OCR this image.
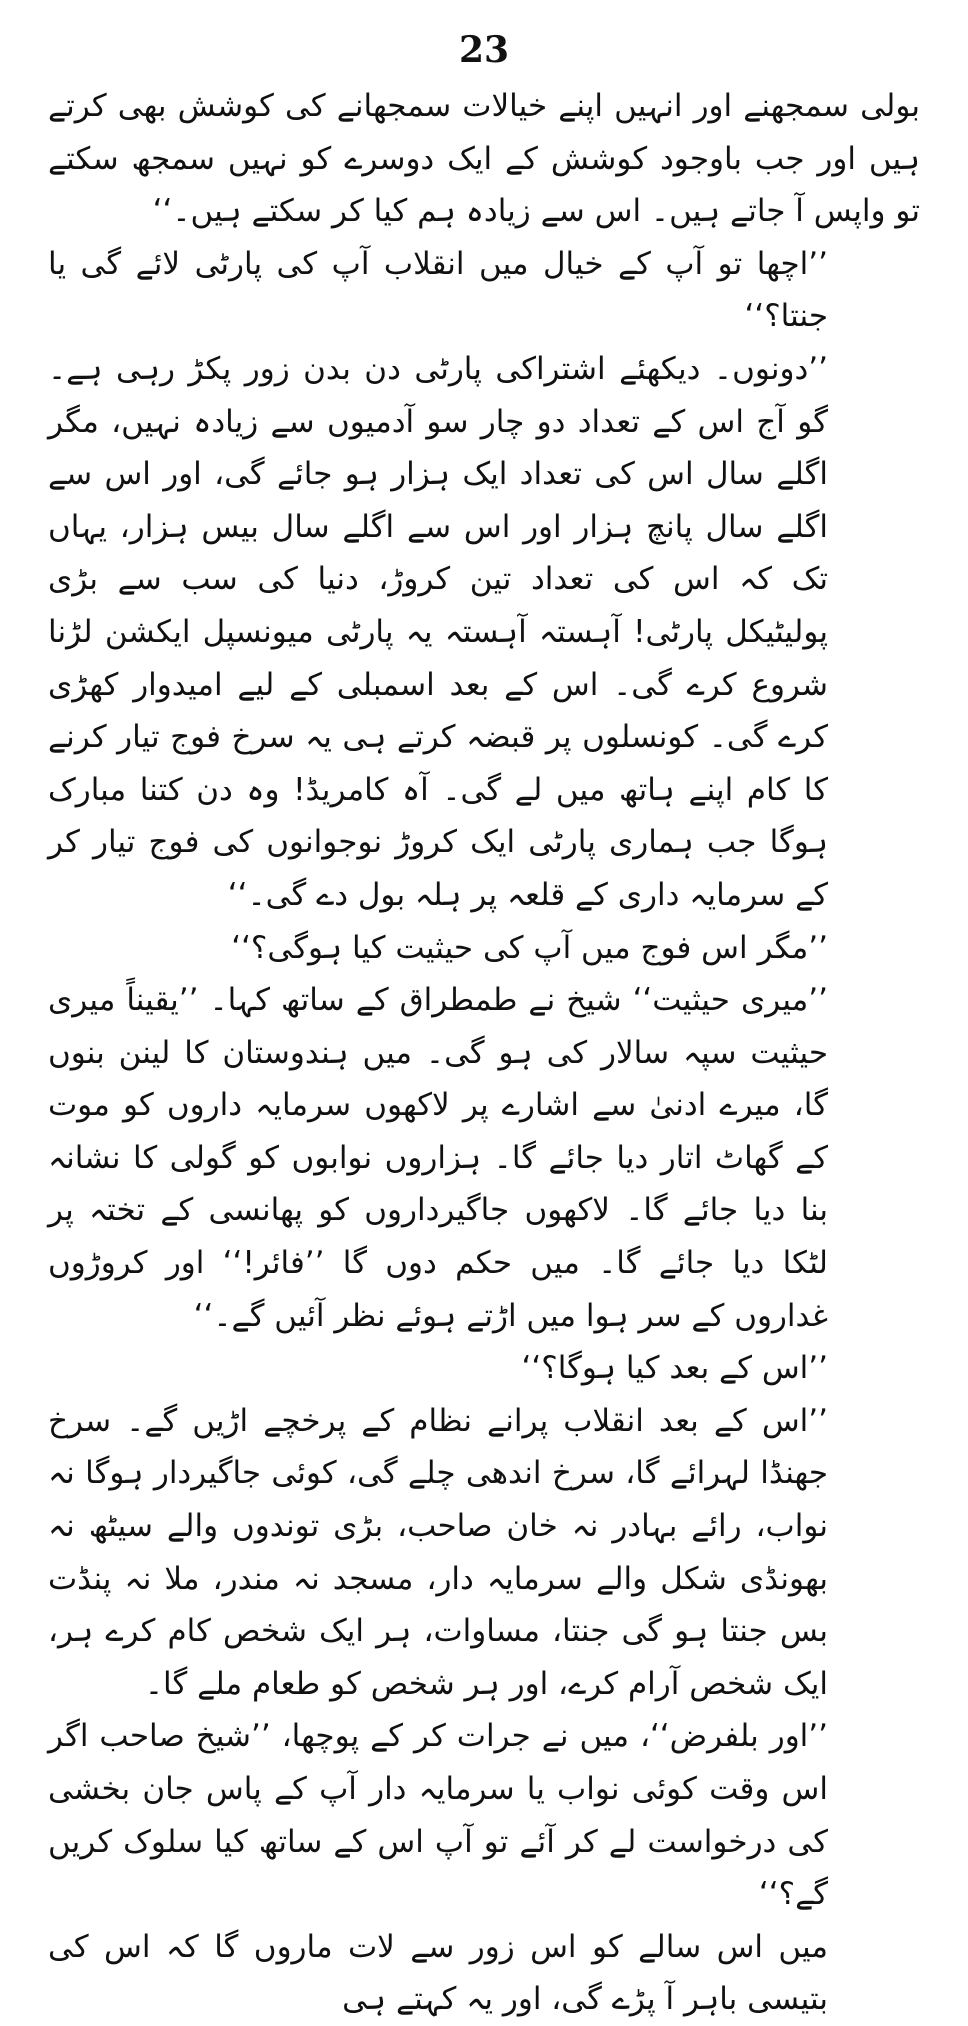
23

بولی سمجھنے اور انہیں اپنے خیالات سمجھانے کی کوشش بھی کرتے ہیں اور جب باوجود کوشش کے ایک دوسرے کو نہیں سمجھ سکتے تو واپس آ جاتے ہیں۔ اس سے زیادہ ہم کیا کر سکتے ہیں۔‘‘

’’اچھا تو آپ کے خیال میں انقلاب آپ کی پارٹی لائے گی یا جنتا؟‘‘

’’دونوں۔ دیکھئے اشتراکی پارٹی دن بدن زور پکڑ رہی ہے۔ گو آج اس کے تعداد دو چار سو آدمیوں سے زیادہ نہیں، مگر اگلے سال اس کی تعداد ایک ہزار ہو جائے گی، اور اس سے اگلے سال پانچ ہزار اور اس سے اگلے سال بیس ہزار، یہاں تک کہ اس کی تعداد تین کروڑ، دنیا کی سب سے بڑی پولیٹیکل پارٹی! آہستہ آہستہ یہ پارٹی میونسپل ایکشن لڑنا شروع کرے گی۔ اس کے بعد اسمبلی کے لیے امیدوار کھڑی کرے گی۔ کونسلوں پر قبضہ کرتے ہی یہ سرخ فوج تیار کرنے کا کام اپنے ہاتھ میں لے گی۔ آہ کامریڈ! وہ دن کتنا مبارک ہوگا جب ہماری پارٹی ایک کروڑ نوجوانوں کی فوج تیار کر کے سرمایہ داری کے قلعہ پر ہلہ بول دے گی۔‘‘

’’مگر اس فوج میں آپ کی حیثیت کیا ہوگی؟‘‘

’’میری حیثیت‘‘ شیخ نے طمطراق کے ساتھ کہا۔ ’’یقیناً میری حیثیت سپہ سالار کی ہو گی۔ میں ہندوستان کا لینن بنوں گا، میرے ادنیٰ سے اشارے پر لاکھوں سرمایہ داروں کو موت کے گھاٹ اتار دیا جائے گا۔ ہزاروں نوابوں کو گولی کا نشانہ بنا دیا جائے گا۔ لاکھوں جاگیرداروں کو پھانسی کے تختہ پر لٹکا دیا جائے گا۔ میں حکم دوں گا ’’فائر!‘‘ اور کروڑوں غداروں کے سر ہوا میں اڑتے ہوئے نظر آئیں گے۔‘‘

’’اس کے بعد کیا ہوگا؟‘‘

’’اس کے بعد انقلاب پرانے نظام کے پرخچے اڑیں گے۔ سرخ جھنڈا لہرائے گا، سرخ اندھی چلے گی، کوئی جاگیردار ہوگا نہ نواب، رائے بہادر نہ خان صاحب، بڑی توندوں والے سیٹھ نہ بھونڈی شکل والے سرمایہ دار، مسجد نہ مندر، ملا نہ پنڈت بس جنتا ہو گی جنتا، مساوات، ہر ایک شخص کام کرے ہر، ایک شخص آرام کرے، اور ہر شخص کو طعام ملے گا۔

’’اور بلفرض‘‘، میں نے جرات کر کے پوچھا، ’’شیخ صاحب اگر اس وقت کوئی نواب یا سرمایہ دار آپ کے پاس جان بخشی کی درخواست لے کر آئے تو آپ اس کے ساتھ کیا سلوک کریں گے؟‘‘

میں اس سالے کو اس زور سے لات ماروں گا کہ اس کی بتیسی باہر آ پڑے گی، اور یہ کہتے ہی
